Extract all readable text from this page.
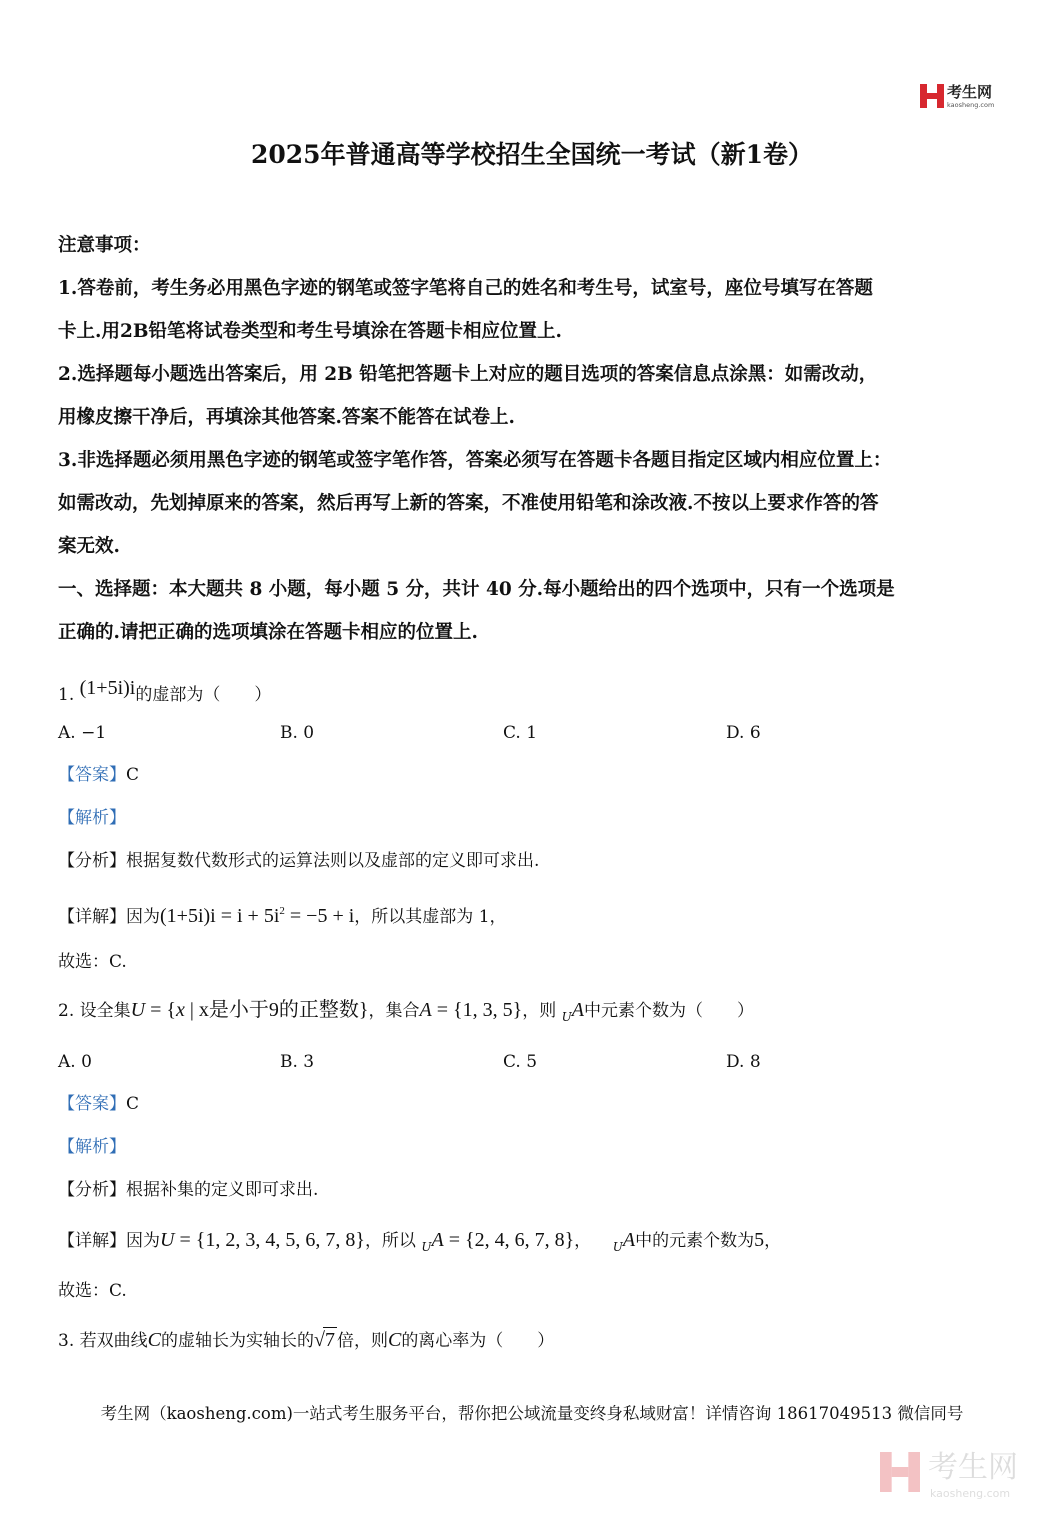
考生网
kaosheng.com
2025年普通高等学校招生全国统一考试（新1卷）

注意事项：

1.答卷前，考生务必用黑色字迹的钢笔或签字笔将自己的姓名和考生号，试室号，座位号填写在答题

卡上.用2B铅笔将试卷类型和考生号填涂在答题卡相应位置上.

2.选择题每小题选出答案后，用 2B 铅笔把答题卡上对应的题目选项的答案信息点涂黑：如需改动，

用橡皮擦干净后，再填涂其他答案.答案不能答在试卷上.

3.非选择题必须用黑色字迹的钢笔或签字笔作答，答案必须写在答题卡各题目指定区域内相应位置上：

如需改动，先划掉原来的答案，然后再写上新的答案，不准使用铅笔和涂改液.不按以上要求作答的答

案无效.

一、选择题：本大题共 8 小题，每小题 5 分，共计 40 分.每小题给出的四个选项中，只有一个选项是

正确的.请把正确的选项填涂在答题卡相应的位置上.

1. (1+5i)i的虚部为（　　）
A. −1	B. 0	C. 1	D. 6
【答案】C
【解析】
【分析】根据复数代数形式的运算法则以及虚部的定义即可求出.
【详解】因为$(1+5i)i = i + 5i^2 = -5 + i$，所以其虚部为 1，
故选：C.
2. 设全集U = {x | x是小于9的正整数}，集合A = {1, 3, 5}，则 $_U$A中元素个数为（　　）
A. 0	B. 3	C. 5	D. 8
【答案】C
【解析】
【分析】根据补集的定义即可求出.
【详解】因为U = {1, 2, 3, 4, 5, 6, 7, 8}，所以 $_U$A = {2, 4, 6, 7, 8}， $_U$A中的元素个数为5，
故选：C.
3. 若双曲线C的虚轴长为实轴长的√7 倍，则C的离心率为（　　）
考生网（kaosheng.com)一站式考生服务平台，帮你把公域流量变终身私域财富！详情咨询 18617049513 微信同号
考生网
kaosheng.com
